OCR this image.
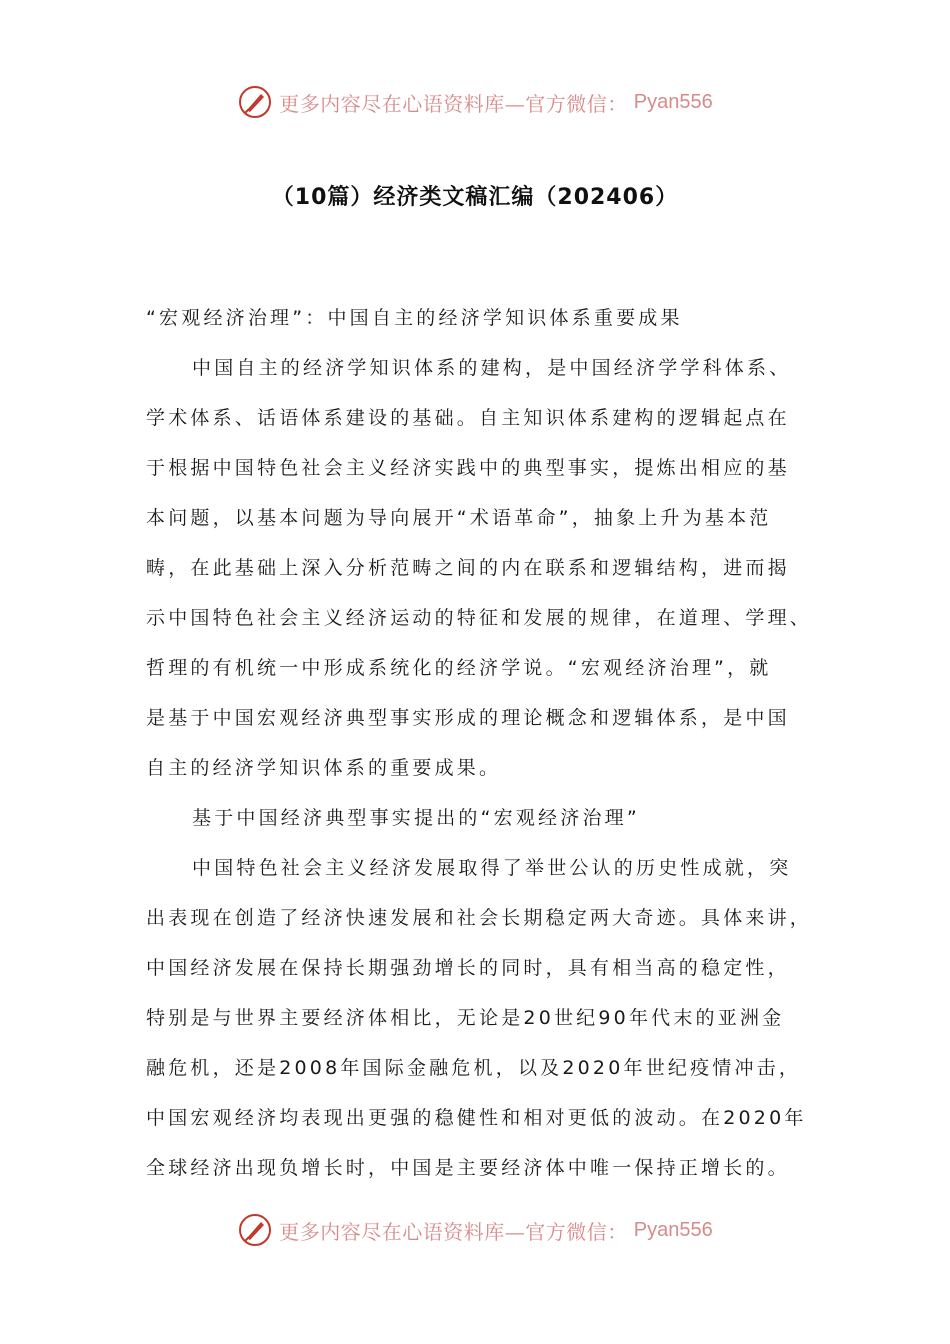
更多内容尽在心语资料库—官方微信： Pyan556
（10篇）经济类文稿汇编（202406）
“宏观经济治理”：中国自主的经济学知识体系重要成果
中国自主的经济学知识体系的建构，是中国经济学学科体系、
学术体系、话语体系建设的基础。自主知识体系建构的逻辑起点在
于根据中国特色社会主义经济实践中的典型事实，提炼出相应的基
本问题，以基本问题为导向展开“术语革命”，抽象上升为基本范
畴，在此基础上深入分析范畴之间的内在联系和逻辑结构，进而揭
示中国特色社会主义经济运动的特征和发展的规律，在道理、学理、
哲理的有机统一中形成系统化的经济学说。“宏观经济治理”，就
是基于中国宏观经济典型事实形成的理论概念和逻辑体系，是中国
自主的经济学知识体系的重要成果。
基于中国经济典型事实提出的“宏观经济治理”
中国特色社会主义经济发展取得了举世公认的历史性成就，突
出表现在创造了经济快速发展和社会长期稳定两大奇迹。具体来讲，
中国经济发展在保持长期强劲增长的同时，具有相当高的稳定性，
特别是与世界主要经济体相比，无论是20世纪90年代末的亚洲金
融危机，还是2008年国际金融危机，以及2020年世纪疫情冲击，
中国宏观经济均表现出更强的稳健性和相对更低的波动。在2020年
全球经济出现负增长时，中国是主要经济体中唯一保持正增长的。
更多内容尽在心语资料库—官方微信： Pyan556
